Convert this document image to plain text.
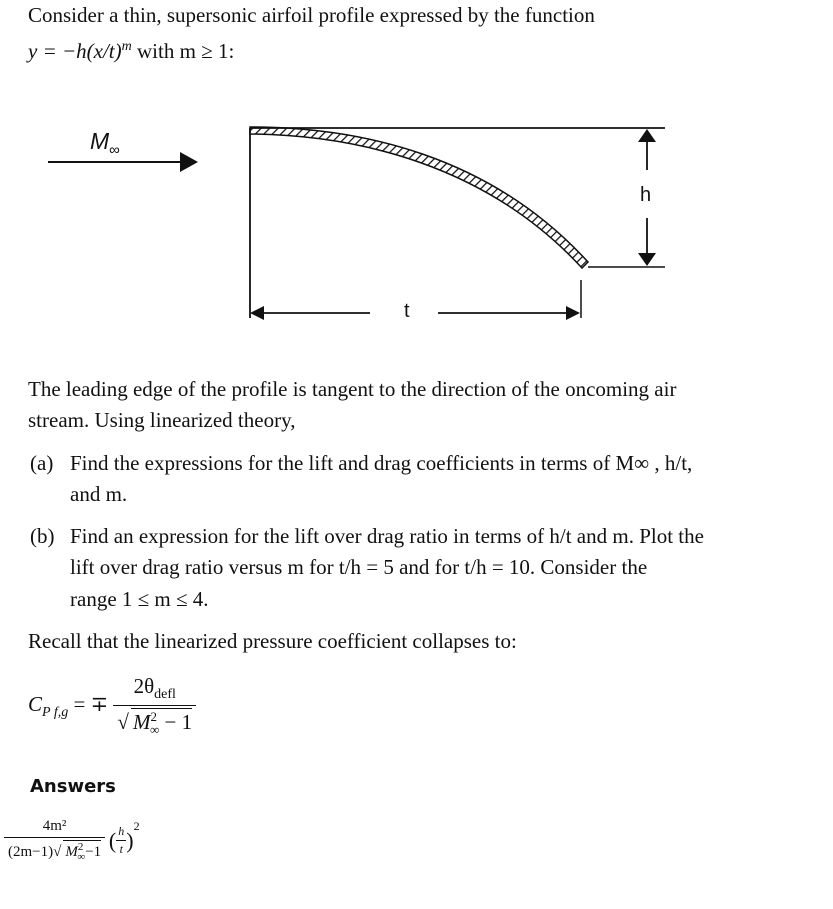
Consider a thin, supersonic airfoil profile expressed by the function
$y = -h(x/t)^m$ with m ≥ 1:
$M_\infty$
h
t
The leading edge of the profile is tangent to the direction of the oncoming air
stream. Using linearized theory,
(a) Find the expressions for the lift and drag coefficients in terms of M∞ , h/t,
and m.
(b) Find an expression for the lift over drag ratio in terms of h/t and m. Plot the
lift over drag ratio versus m for t/h = 5 and for t/h = 10. Consider the
range 1 ≤ m ≤ 4.
Recall that the linearized pressure coefficient collapses to:
$C_{P f,g}$ = ∓ $\frac{2\theta_{defl}}{√ M^2_\infty - 1}$
Answers
$\frac{\text{4m²}}{(2m-1)√ M^2_\infty-1}$ ( $\frac{h}{t} )^2$
